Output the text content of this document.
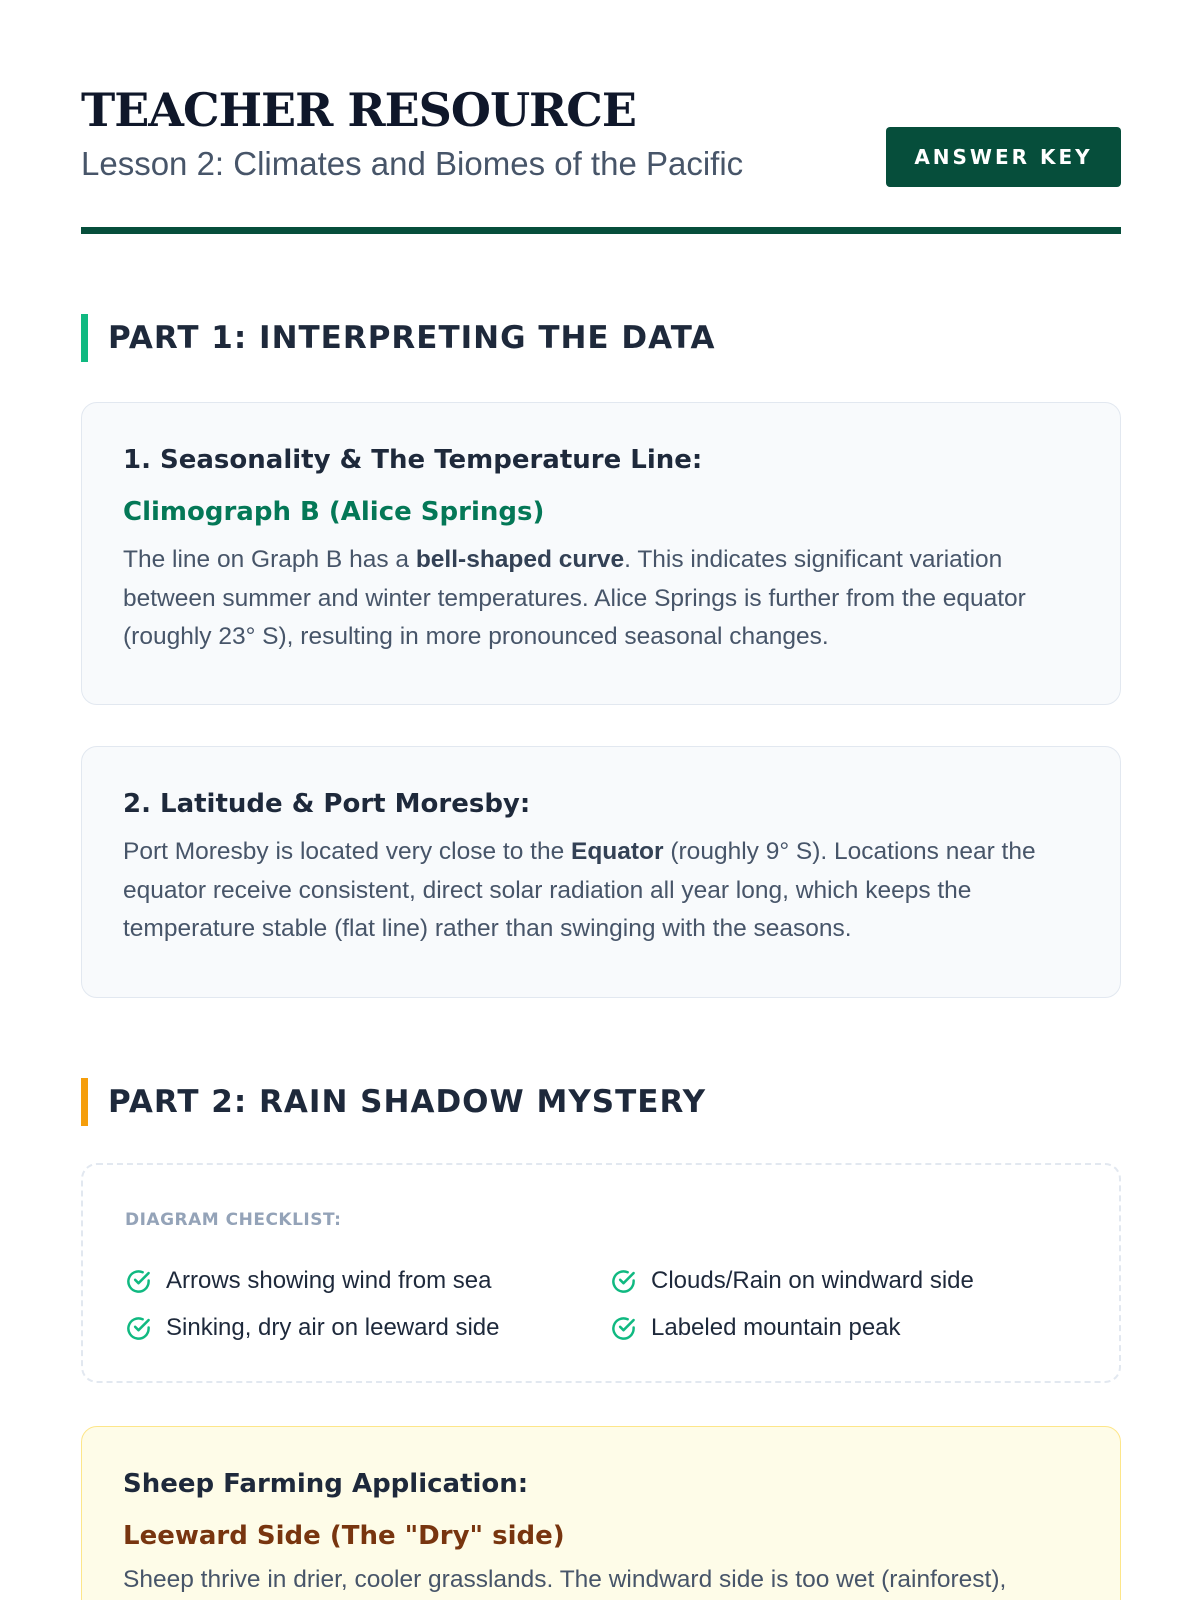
TEACHER RESOURCE

Lesson 2: Climates and Biomes of the Pacific	ANSWER KEY
PART 1: INTERPRETING THE DATA
1. Seasonality & The Temperature Line:

Climograph B (Alice Springs)

The line on Graph B has a bell-shaped curve. This indicates significant variation between summer and winter temperatures. Alice Springs is further from the equator (roughly 23° S), resulting in more pronounced seasonal changes.

2. Latitude & Port Moresby:

Port Moresby is located very close to the Equator (roughly 9° S). Locations near the equator receive consistent, direct solar radiation all year long, which keeps the temperature stable (flat line) rather than swinging with the seasons.

PART 2: RAIN SHADOW MYSTERY
DIAGRAM CHECKLIST:
Arrows showing wind from sea	Clouds/Rain on windward side
Sinking, dry air on leeward side	Labeled mountain peak
Sheep Farming Application:

Leeward Side (The "Dry" side)

Sheep thrive in drier, cooler grasslands. The windward side is too wet (rainforest),
